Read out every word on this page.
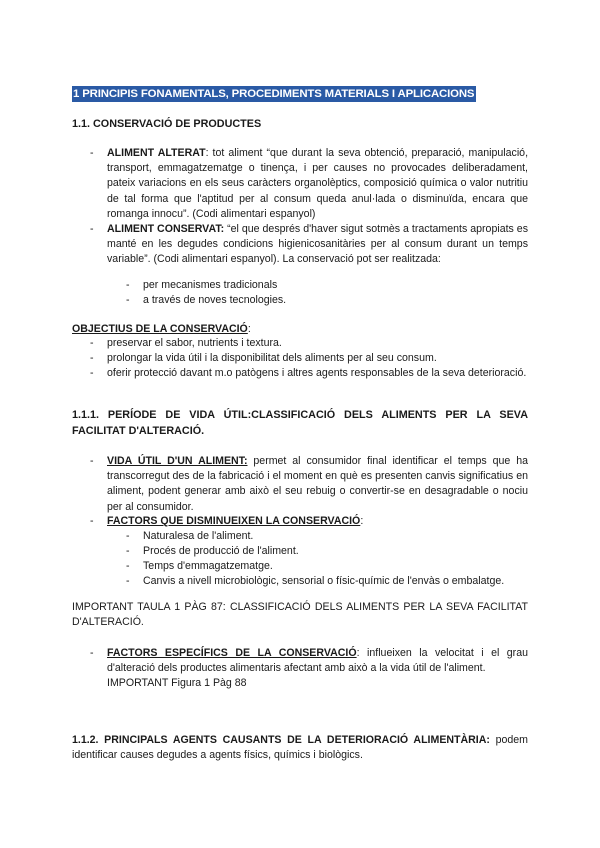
1 PRINCIPIS FONAMENTALS, PROCEDIMENTS MATERIALS I APLICACIONS
1.1. CONSERVACIÓ DE PRODUCTES
- ALIMENT ALTERAT: tot aliment “que durant la seva obtenció, preparació, manipulació, transport, emmagatzematge o tinença, i per causes no provocades deliberadament, pateix variacions en els seus caràcters organolèptics, composició química o valor nutritiu de tal forma que l'aptitud per al consum queda anul·lada o disminuïda, encara que romanga innocu”. (Codi alimentari espanyol)
- ALIMENT CONSERVAT: “el que després d'haver sigut sotmès a tractaments apropiats es manté en les degudes condicions higienicosanitàries per al consum durant un temps variable”. (Codi alimentari espanyol). La conservació pot ser realitzada:
- per mecanismes tradicionals
- a través de noves tecnologies.
OBJECTIUS DE LA CONSERVACIÓ:
- preservar el sabor, nutrients i textura.
- prolongar la vida útil i la disponibilitat dels aliments per al seu consum.
- oferir protecció davant m.o patògens i altres agents responsables de la seva deterioració.
1.1.1. PERÍODE DE VIDA ÚTIL:CLASSIFICACIÓ DELS ALIMENTS PER LA SEVA FACILITAT D'ALTERACIÓ.
- VIDA ÚTIL D'UN ALIMENT: permet al consumidor final identificar el temps que ha transcorregut des de la fabricació i el moment en què es presenten canvis significatius en aliment, podent generar amb això el seu rebuig o convertir-se en desagradable o nociu per al consumidor.
- FACTORS QUE DISMINUEIXEN LA CONSERVACIÓ:
- Naturalesa de l'aliment.
- Procés de producció de l'aliment.
- Temps d'emmagatzematge.
- Canvis a nivell microbiològic, sensorial o físic-químic de l'envàs o embalatge.
IMPORTANT TAULA 1 PÀG 87: CLASSIFICACIÓ DELS ALIMENTS PER LA SEVA FACILITAT D'ALTERACIÓ.
- FACTORS ESPECÍFICS DE LA CONSERVACIÓ: influeixen la velocitat i el grau d'alteració dels productes alimentaris afectant amb això a la vida útil de l'aliment.
IMPORTANT Figura 1 Pàg 88
1.1.2. PRINCIPALS AGENTS CAUSANTS DE LA DETERIORACIÓ ALIMENTÀRIA: podem identificar causes degudes a agents físics, químics i biològics.
